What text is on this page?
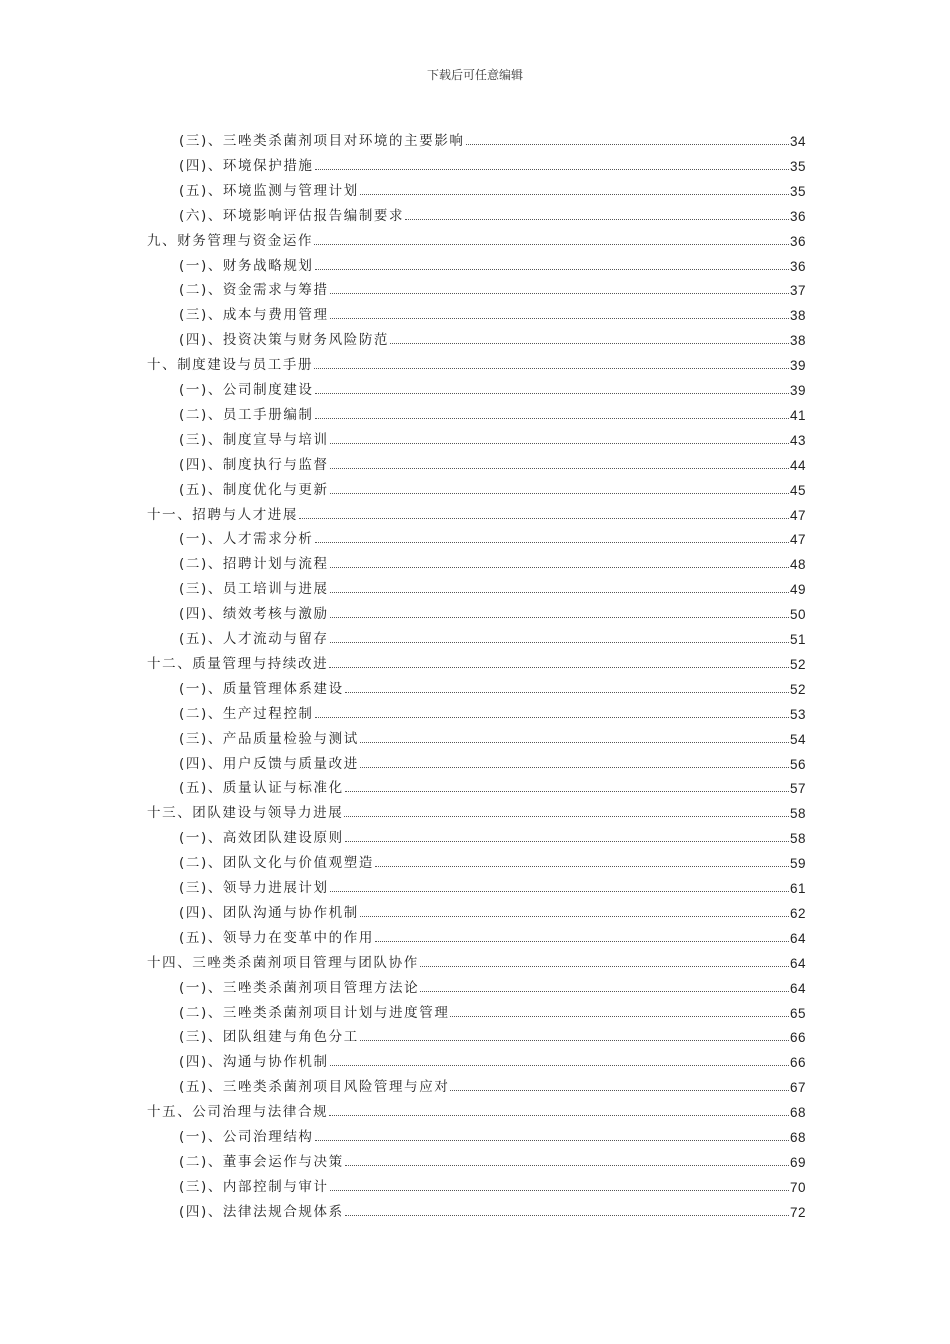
下载后可任意编辑
(三)、三唑类杀菌剂项目对环境的主要影响	34
(四)、环境保护措施	35
(五)、环境监测与管理计划	35
(六)、环境影响评估报告编制要求	36
九、财务管理与资金运作	36
(一)、财务战略规划	36
(二)、资金需求与筹措	37
(三)、成本与费用管理	38
(四)、投资决策与财务风险防范	38
十、制度建设与员工手册	39
(一)、公司制度建设	39
(二)、员工手册编制	41
(三)、制度宣导与培训	43
(四)、制度执行与监督	44
(五)、制度优化与更新	45
十一、招聘与人才进展	47
(一)、人才需求分析	47
(二)、招聘计划与流程	48
(三)、员工培训与进展	49
(四)、绩效考核与激励	50
(五)、人才流动与留存	51
十二、质量管理与持续改进	52
(一)、质量管理体系建设	52
(二)、生产过程控制	53
(三)、产品质量检验与测试	54
(四)、用户反馈与质量改进	56
(五)、质量认证与标准化	57
十三、团队建设与领导力进展	58
(一)、高效团队建设原则	58
(二)、团队文化与价值观塑造	59
(三)、领导力进展计划	61
(四)、团队沟通与协作机制	62
(五)、领导力在变革中的作用	64
十四、三唑类杀菌剂项目管理与团队协作	64
(一)、三唑类杀菌剂项目管理方法论	64
(二)、三唑类杀菌剂项目计划与进度管理	65
(三)、团队组建与角色分工	66
(四)、沟通与协作机制	66
(五)、三唑类杀菌剂项目风险管理与应对	67
十五、公司治理与法律合规	68
(一)、公司治理结构	68
(二)、董事会运作与决策	69
(三)、内部控制与审计	70
(四)、法律法规合规体系	72
